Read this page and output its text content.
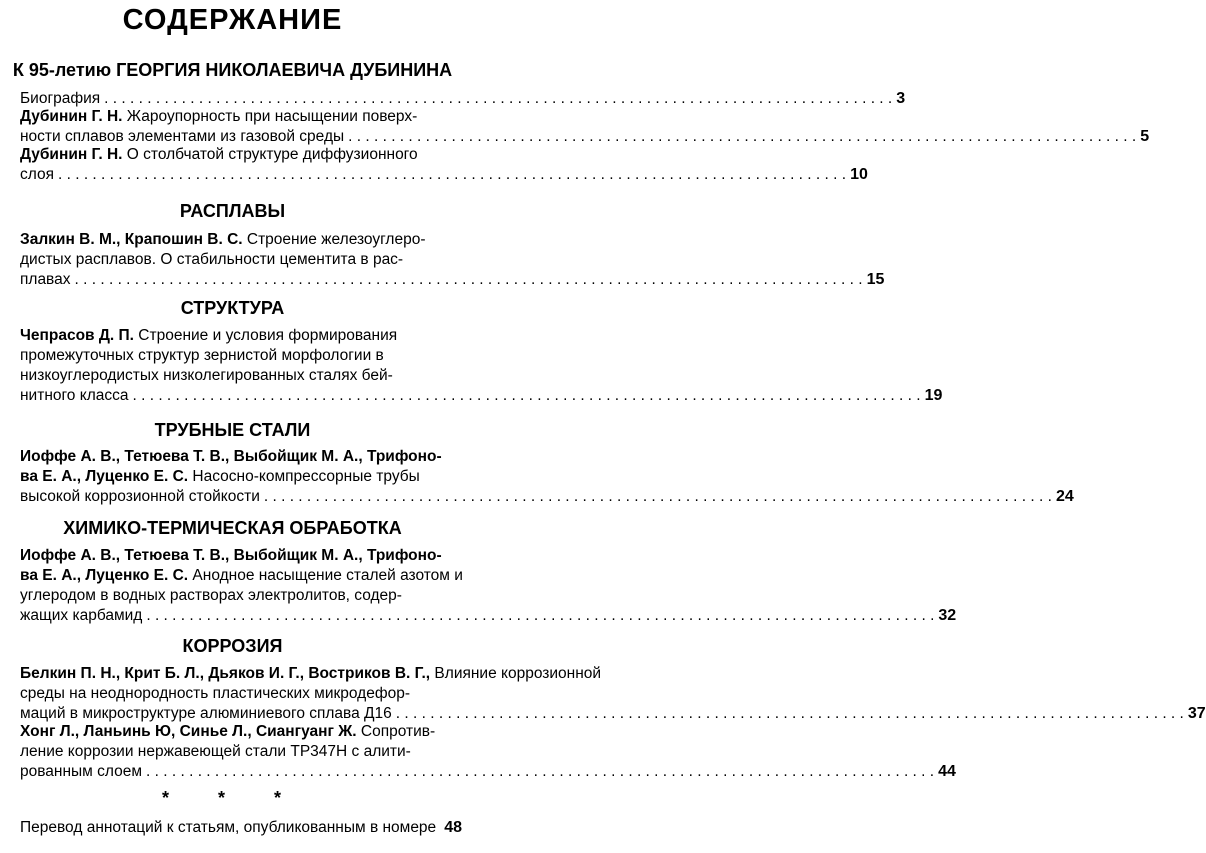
СОДЕРЖАНИЕ
К 95-летию ГЕОРГИЯ НИКОЛАЕВИЧА ДУБИНИНА
Биография . . .	3
Дубинин Г. Н. Жароупорность при насыщении поверх-
ности сплавов элементами из газовой среды . . .	5
Дубинин Г. Н. О столбчатой структуре диффузионного
слоя . . .	10
РАСПЛАВЫ
Залкин В. М., Крапошин В. С. Строение железоуглеро-
дистых расплавов. О стабильности цементита в рас-
плавах . . .	15
СТРУКТУРА
Чепрасов Д. П. Строение и условия формирования
промежуточных структур зернистой морфологии в
низкоуглеродистых низколегированных сталях бей-
нитного класса . . .	19
ТРУБНЫЕ СТАЛИ
Иоффе А. В., Тетюева Т. В., Выбойщик М. А., Трифоно-
ва Е. А., Луценко Е. С. Насосно-компрессорные трубы
высокой коррозионной стойкости . . .	24
ХИМИКО-ТЕРМИЧЕСКАЯ ОБРАБОТКА
Иоффе А. В., Тетюева Т. В., Выбойщик М. А., Трифоно-
ва Е. А., Луценко Е. С. Анодное насыщение сталей азотом и
углеродом в водных растворах электролитов, содер-
жащих карбамид . . .	32
КОРРОЗИЯ
Белкин П. Н., Крит Б. Л., Дьяков И. Г., Востриков В. Г., Влияние коррозионной
среды на неоднородность пластических микродефор-
маций в микроструктуре алюминиевого сплава Д16 . . .	37
Хонг Л., Ланьинь Ю, Синье Л., Сиангуанг Ж. Сопротив-
ление коррозии нержавеющей стали TP347H с алити-
рованным слоем . . .	44
* * *
Перевод аннотаций к статьям, опубликованным в номере 48
